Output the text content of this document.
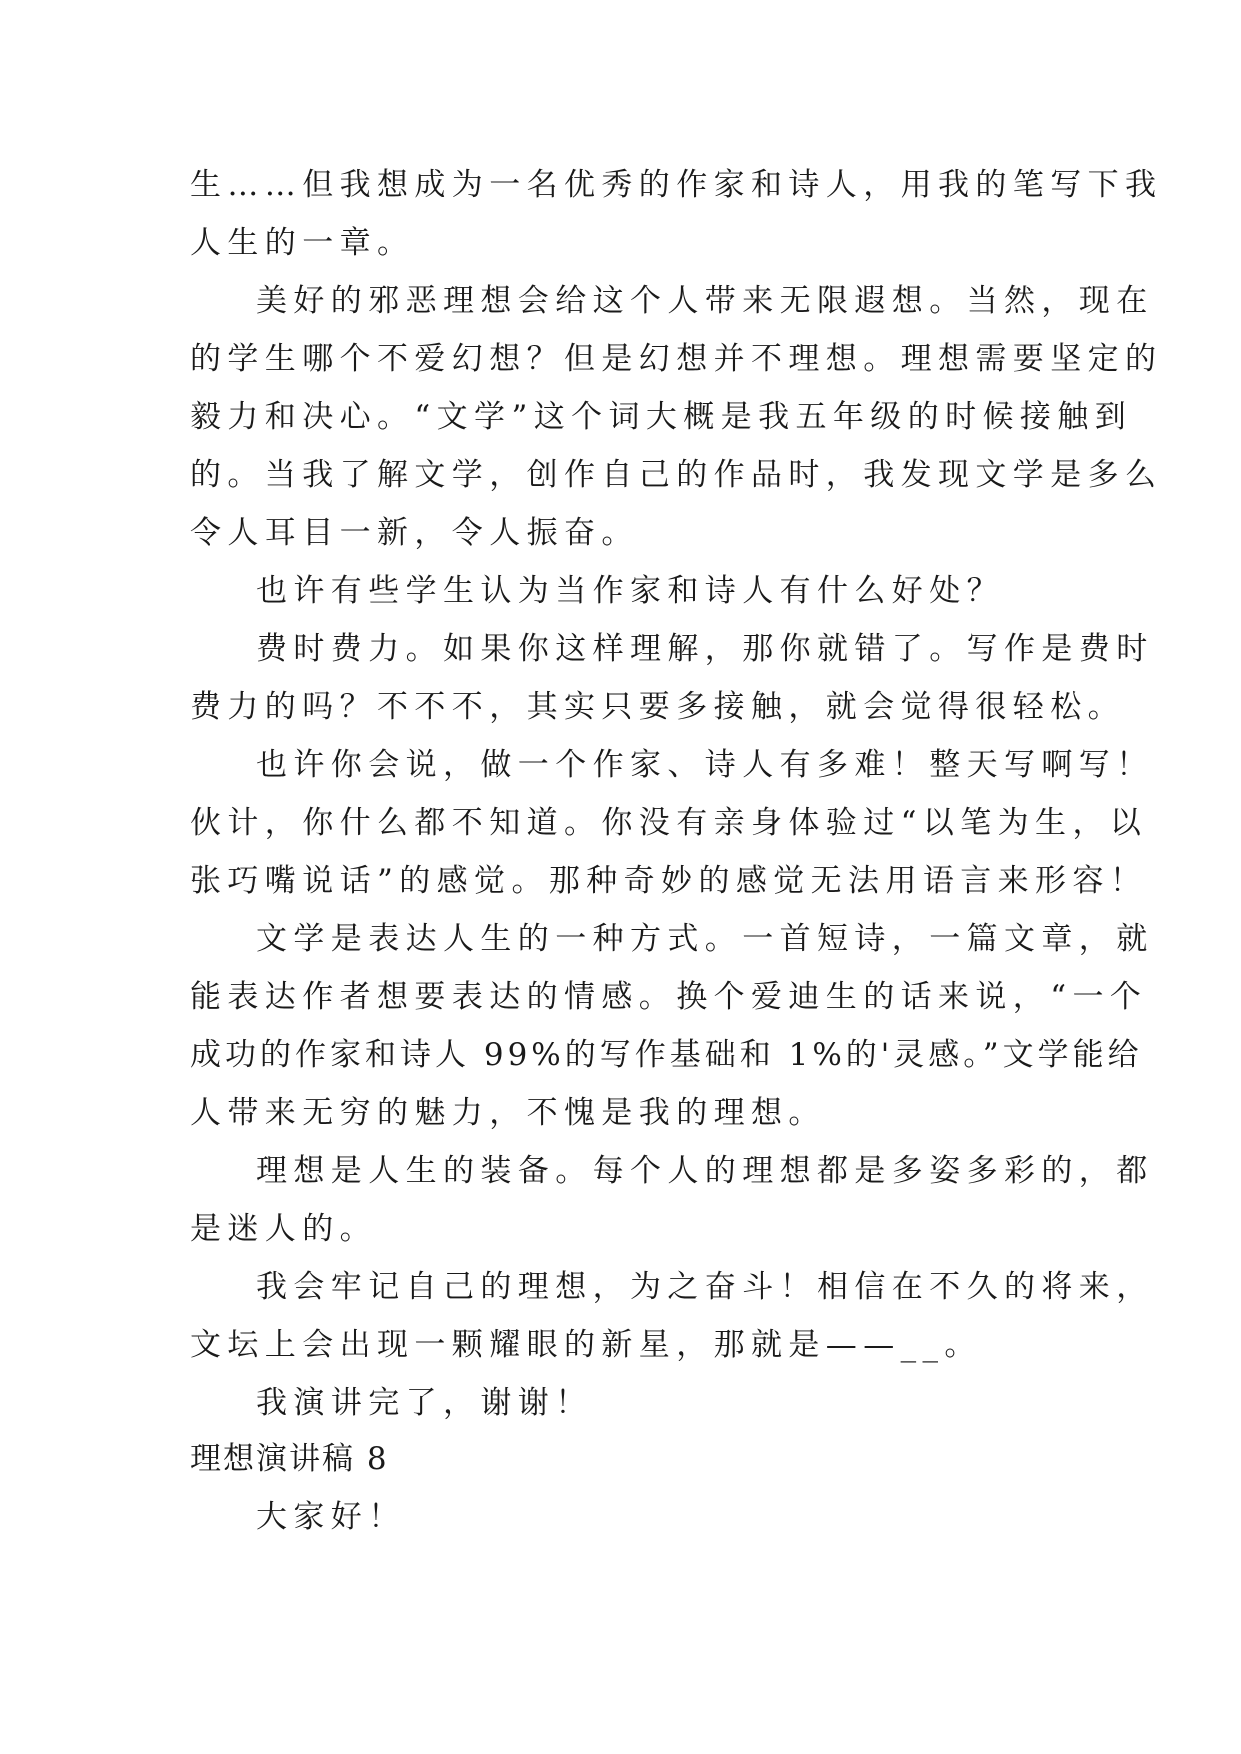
生……但我想成为一名优秀的作家和诗人，用我的笔写下我
人生的一章。
美好的邪恶理想会给这个人带来无限遐想。当然，现在
的学生哪个不爱幻想？但是幻想并不理想。理想需要坚定的
毅力和决心。“文学”这个词大概是我五年级的时候接触到
的。当我了解文学，创作自己的作品时，我发现文学是多么
令人耳目一新，令人振奋。
也许有些学生认为当作家和诗人有什么好处？
费时费力。如果你这样理解，那你就错了。写作是费时
费力的吗？不不不，其实只要多接触，就会觉得很轻松。
也许你会说，做一个作家、诗人有多难！整天写啊写！
伙计，你什么都不知道。你没有亲身体验过“以笔为生，以
张巧嘴说话”的感觉。那种奇妙的感觉无法用语言来形容！
文学是表达人生的一种方式。一首短诗，一篇文章，就
能表达作者想要表达的情感。换个爱迪生的话来说，“一个
成功的作家和诗人 99%的写作基础和 1%的'灵感。”文学能给
人带来无穷的魅力，不愧是我的理想。
理想是人生的装备。每个人的理想都是多姿多彩的，都
是迷人的。
我会牢记自己的理想，为之奋斗！相信在不久的将来，
文坛上会出现一颗耀眼的新星，那就是——__。
我演讲完了，谢谢！
理想演讲稿 8
大家好！
